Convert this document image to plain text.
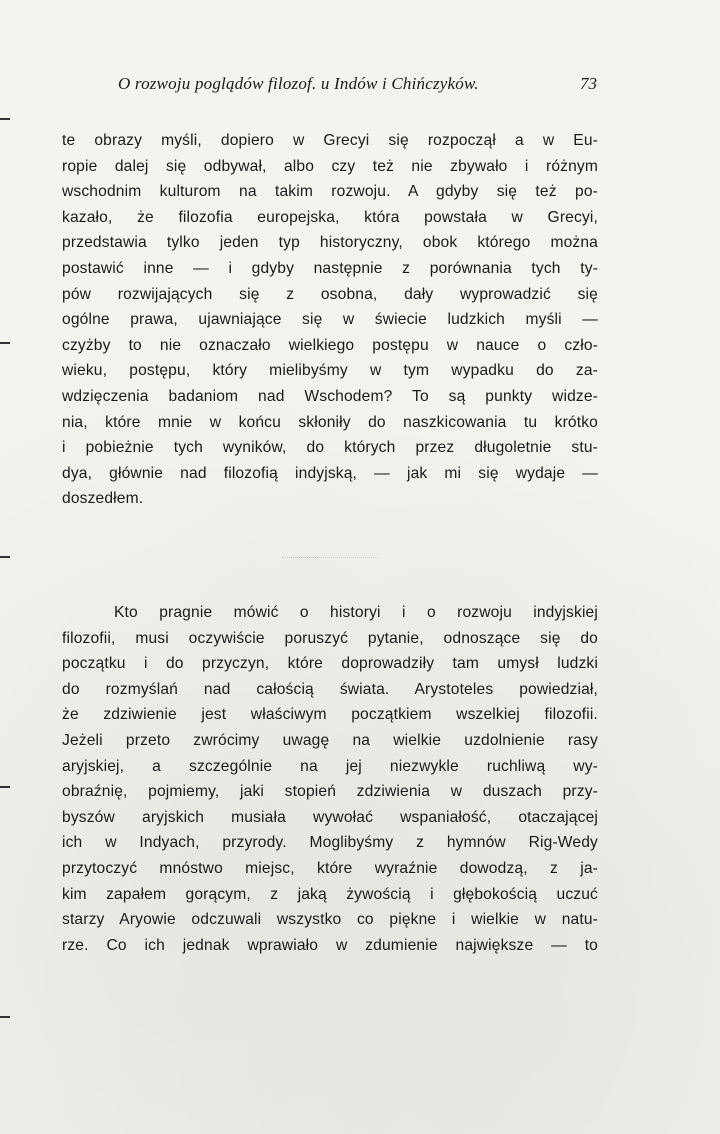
O rozwoju poglądów filozof. u Indów i Chińczyków.	73

te obrazy myśli, dopiero w Grecyi się rozpoczął a w Eu-
ropie dalej się odbywał, albo czy też nie zbywało i różnym
wschodnim kulturom na takim rozwoju. A gdyby się też po-
kazało, że filozofia europejska, która powstała w Grecyi,
przedstawia tylko jeden typ historyczny, obok którego można
postawić inne — i gdyby następnie z porównania tych ty-
pów rozwijających się z osobna, dały wyprowadzić się
ogólne prawa, ujawniające się w świecie ludzkich myśli —
czyżby to nie oznaczało wielkiego postępu w nauce o czło-
wieku, postępu, który mielibyśmy w tym wypadku do za-
wdzięczenia badaniom nad Wschodem? To są punkty widze-
nia, które mnie w końcu skłoniły do naszkicowania tu krótko
i pobieżnie tych wyników, do których przez długoletnie stu-
dya, głównie nad filozofią indyjską, — jak mi się wydaje —
doszedłem.

Kto pragnie mówić o historyi i o rozwoju indyjskiej
filozofii, musi oczywiście poruszyć pytanie, odnoszące się do
początku i do przyczyn, które doprowadziły tam umysł ludzki
do rozmyślań nad całością świata. Arystoteles powiedział,
że zdziwienie jest właściwym początkiem wszelkiej filozofii.
Jeżeli przeto zwrócimy uwagę na wielkie uzdolnienie rasy
aryjskiej, a szczególnie na jej niezwykle ruchliwą wy-
obraźnię, pojmiemy, jaki stopień zdziwienia w duszach przy-
byszów aryjskich musiała wywołać wspaniałość, otaczającej
ich w Indyach, przyrody. Moglibyśmy z hymnów Rig-Wedy
przytoczyć mnóstwo miejsc, które wyraźnie dowodzą, z ja-
kim zapałem gorącym, z jaką żywością i głębokością uczuć
starzy Aryowie odczuwali wszystko co piękne i wielkie w natu-
rze. Co ich jednak wprawiało w zdumienie największe — to
